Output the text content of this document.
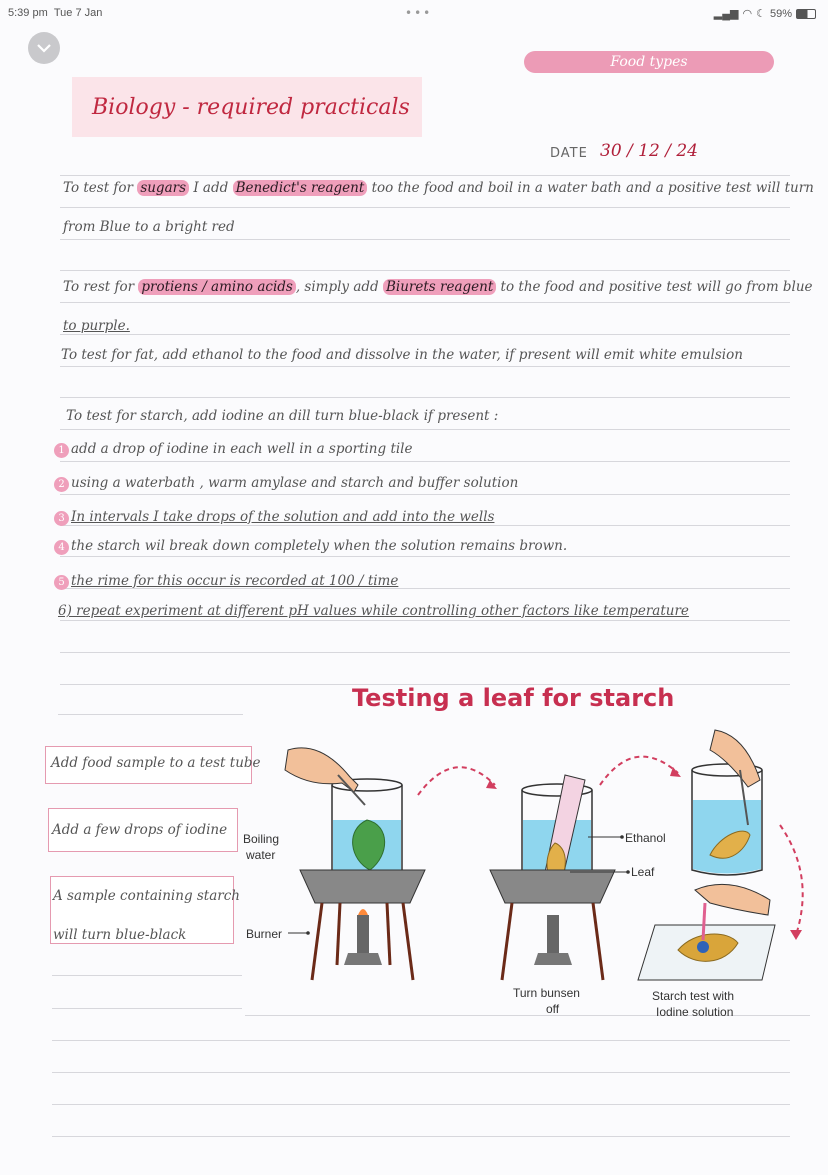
5:39 pm Tue 7 Jan	•••	▂▄▆ ◠ ☾ 59%
Food types
Biology - required practicals
DATE 30 / 12 / 24
To test for sugars I add Benedict's reagent too the food and boil in a water bath and a positive test will turn
from Blue to a bright red
To rest for protiens / amino acids , simply add Biurets reagent to the food and positive test will go from blue
to purple.
To test for fat, add ethanol to the food and dissolve in the water, if present will emit white emulsion
To test for starch, add iodine an dill turn blue-black if present :
1 add a drop of iodine in each well in a sporting tile
2 using a waterbath , warm amylase and starch and buffer solution
3 In intervals I take drops of the solution and add into the wells
4 the starch wil break down completely when the solution remains brown.
5 the rime for this occur is recorded at 100 / time
6) repeat experiment at different pH values while controlling other factors like temperature
Testing a leaf for starch
Add food sample to a test tube
Add a few drops of iodine
A sample containing starch
will turn blue-black
Boiling
water
Burner
Ethanol
Leaf
Turn bunsen
off
Starch test with
Iodine solution
